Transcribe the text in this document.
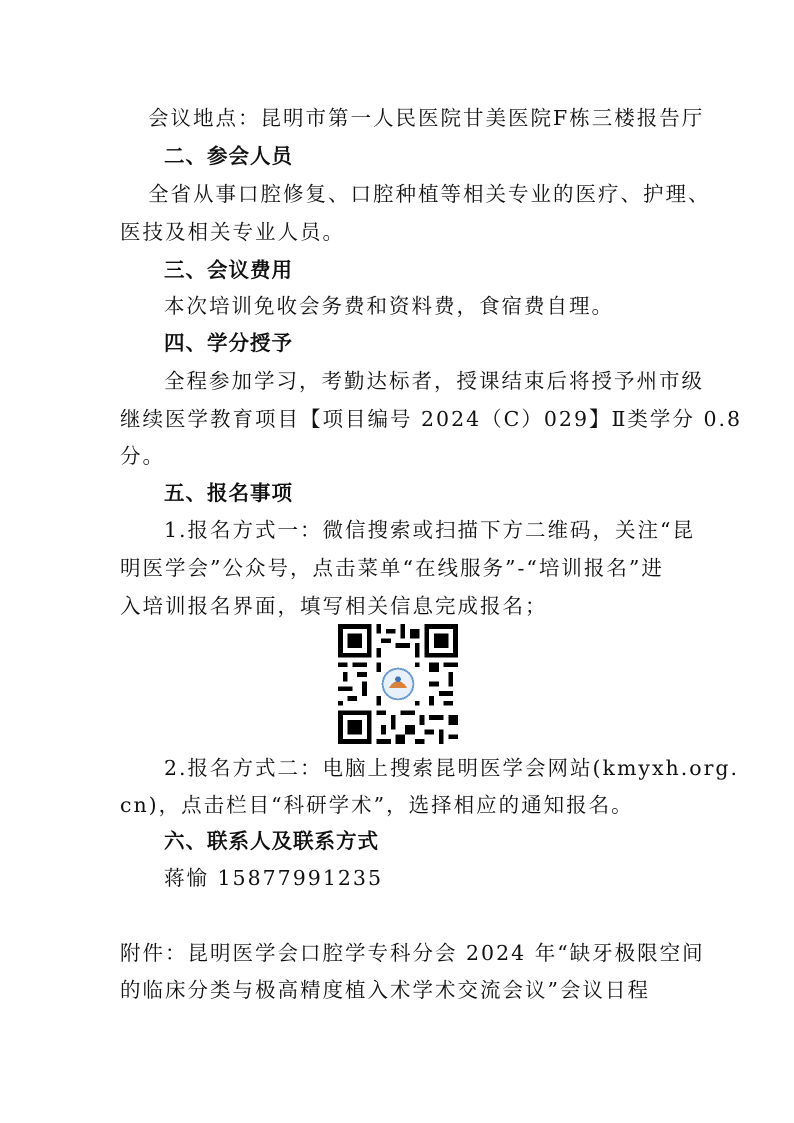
会议地点：昆明市第一人民医院甘美医院F栋三楼报告厅
二、参会人员
全省从事口腔修复、口腔种植等相关专业的医疗、护理、
医技及相关专业人员。
三、会议费用
本次培训免收会务费和资料费，食宿费自理。
四、学分授予
全程参加学习，考勤达标者，授课结束后将授予州市级
继续医学教育项目【项目编号 2024（C）029】Ⅱ类学分 0.8
分。
五、报名事项
1.报名方式一：微信搜索或扫描下方二维码，关注“昆
明医学会”公众号，点击菜单“在线服务”-“培训报名”进
入培训报名界面，填写相关信息完成报名；
2.报名方式二：电脑上搜索昆明医学会网站(kmyxh.org.
cn)，点击栏目“科研学术”，选择相应的通知报名。
六、联系人及联系方式
蒋愉 15877991235
附件：昆明医学会口腔学专科分会 2024 年“缺牙极限空间
的临床分类与极高精度植入术学术交流会议”会议日程
